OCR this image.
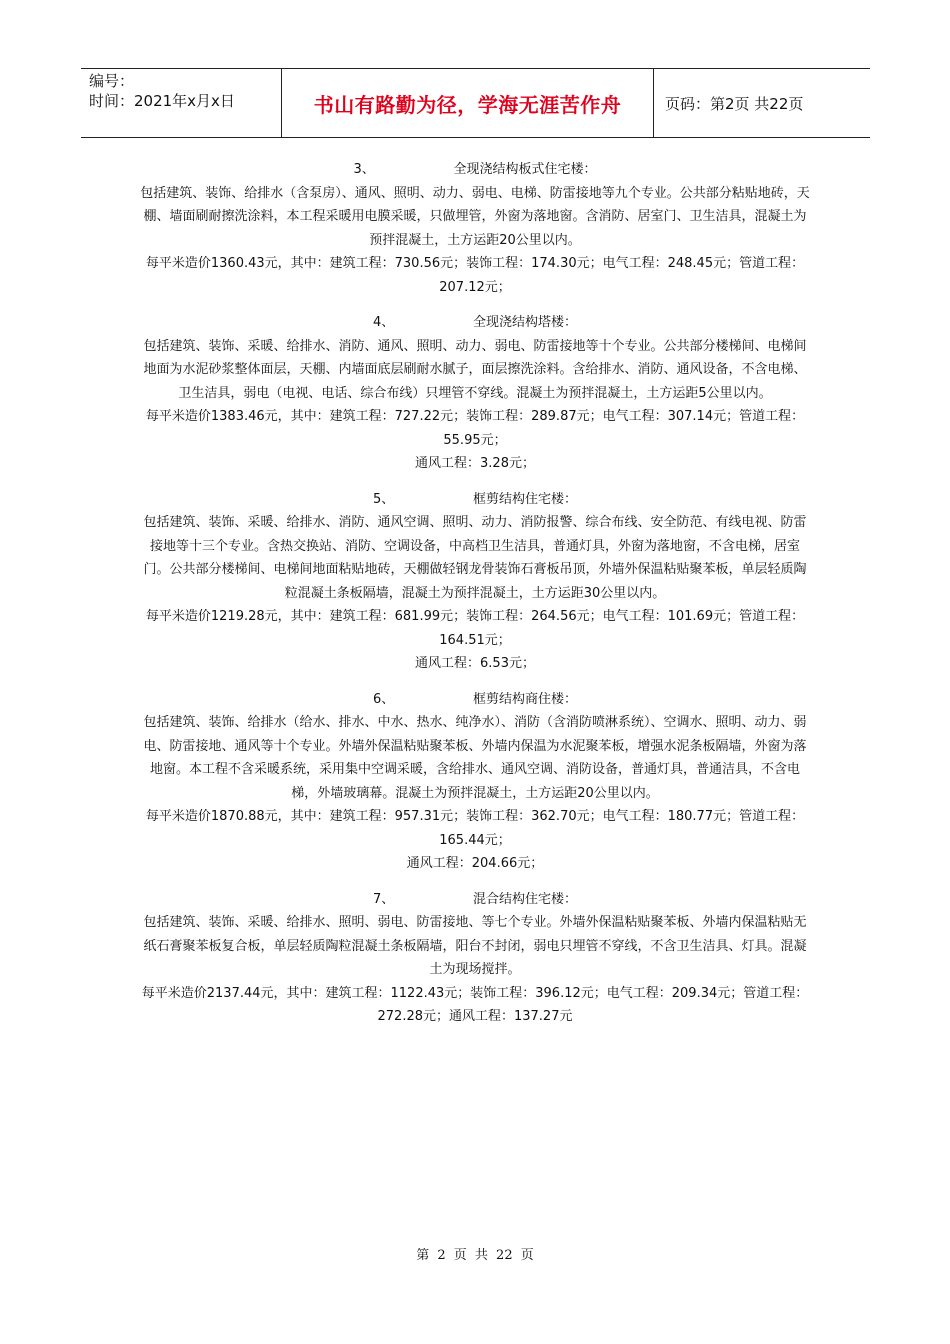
编号：
时间：2021年x月x日	书山有路勤为径，学海无涯苦作舟	页码：第2页 共22页

3、	全现浇结构板式住宅楼：

包括建筑、装饰、给排水（含泵房）、通风、照明、动力、弱电、电梯、防雷接地等九个专业。公共部分粘贴地砖，天棚、墙面刷耐擦洗涂料，本工程采暖用电膜采暖，只做埋管，外窗为落地窗。含消防、居室门、卫生洁具，混凝土为预拌混凝土，土方运距20公里以内。

每平米造价1360.43元，其中：建筑工程：730.56元；装饰工程：174.30元；电气工程：248.45元；管道工程：207.12元；

4、	全现浇结构塔楼：

包括建筑、装饰、采暖、给排水、消防、通风、照明、动力、弱电、防雷接地等十个专业。公共部分楼梯间、电梯间地面为水泥砂浆整体面层，天棚、内墙面底层刷耐水腻子，面层擦洗涂料。含给排水、消防、通风设备，不含电梯、卫生洁具，弱电（电视、电话、综合布线）只埋管不穿线。混凝土为预拌混凝土，土方运距5公里以内。

每平米造价1383.46元，其中：建筑工程：727.22元；装饰工程：289.87元；电气工程：307.14元；管道工程：55.95元；

通风工程：3.28元；

5、	框剪结构住宅楼：

包括建筑、装饰、采暖、给排水、消防、通风空调、照明、动力、消防报警、综合布线、安全防范、有线电视、防雷接地等十三个专业。含热交换站、消防、空调设备，中高档卫生洁具，普通灯具，外窗为落地窗，不含电梯，居室门。公共部分楼梯间、电梯间地面粘贴地砖，天棚做轻钢龙骨装饰石膏板吊顶，外墙外保温粘贴聚苯板，单层轻质陶粒混凝土条板隔墙，混凝土为预拌混凝土，土方运距30公里以内。

每平米造价1219.28元，其中：建筑工程：681.99元；装饰工程：264.56元；电气工程：101.69元；管道工程：164.51元；

通风工程：6.53元；

6、	框剪结构商住楼：

包括建筑、装饰、给排水（给水、排水、中水、热水、纯净水）、消防（含消防喷淋系统）、空调水、照明、动力、弱电、防雷接地、通风等十个专业。外墙外保温粘贴聚苯板、外墙内保温为水泥聚苯板，增强水泥条板隔墙，外窗为落地窗。本工程不含采暖系统，采用集中空调采暖，含给排水、通风空调、消防设备，普通灯具，普通洁具，不含电梯，外墙玻璃幕。混凝土为预拌混凝土，土方运距20公里以内。

每平米造价1870.88元，其中：建筑工程：957.31元；装饰工程：362.70元；电气工程：180.77元；管道工程：165.44元；

通风工程：204.66元；

7、	混合结构住宅楼：

包括建筑、装饰、采暖、给排水、照明、弱电、防雷接地、等七个专业。外墙外保温粘贴聚苯板、外墙内保温粘贴无纸石膏聚苯板复合板，单层轻质陶粒混凝土条板隔墙，阳台不封闭，弱电只埋管不穿线，不含卫生洁具、灯具。混凝土为现场搅拌。

每平米造价2137.44元，其中：建筑工程：1122.43元；装饰工程：396.12元；电气工程：209.34元；管道工程：272.28元；通风工程：137.27元

第 2 页 共 22 页
